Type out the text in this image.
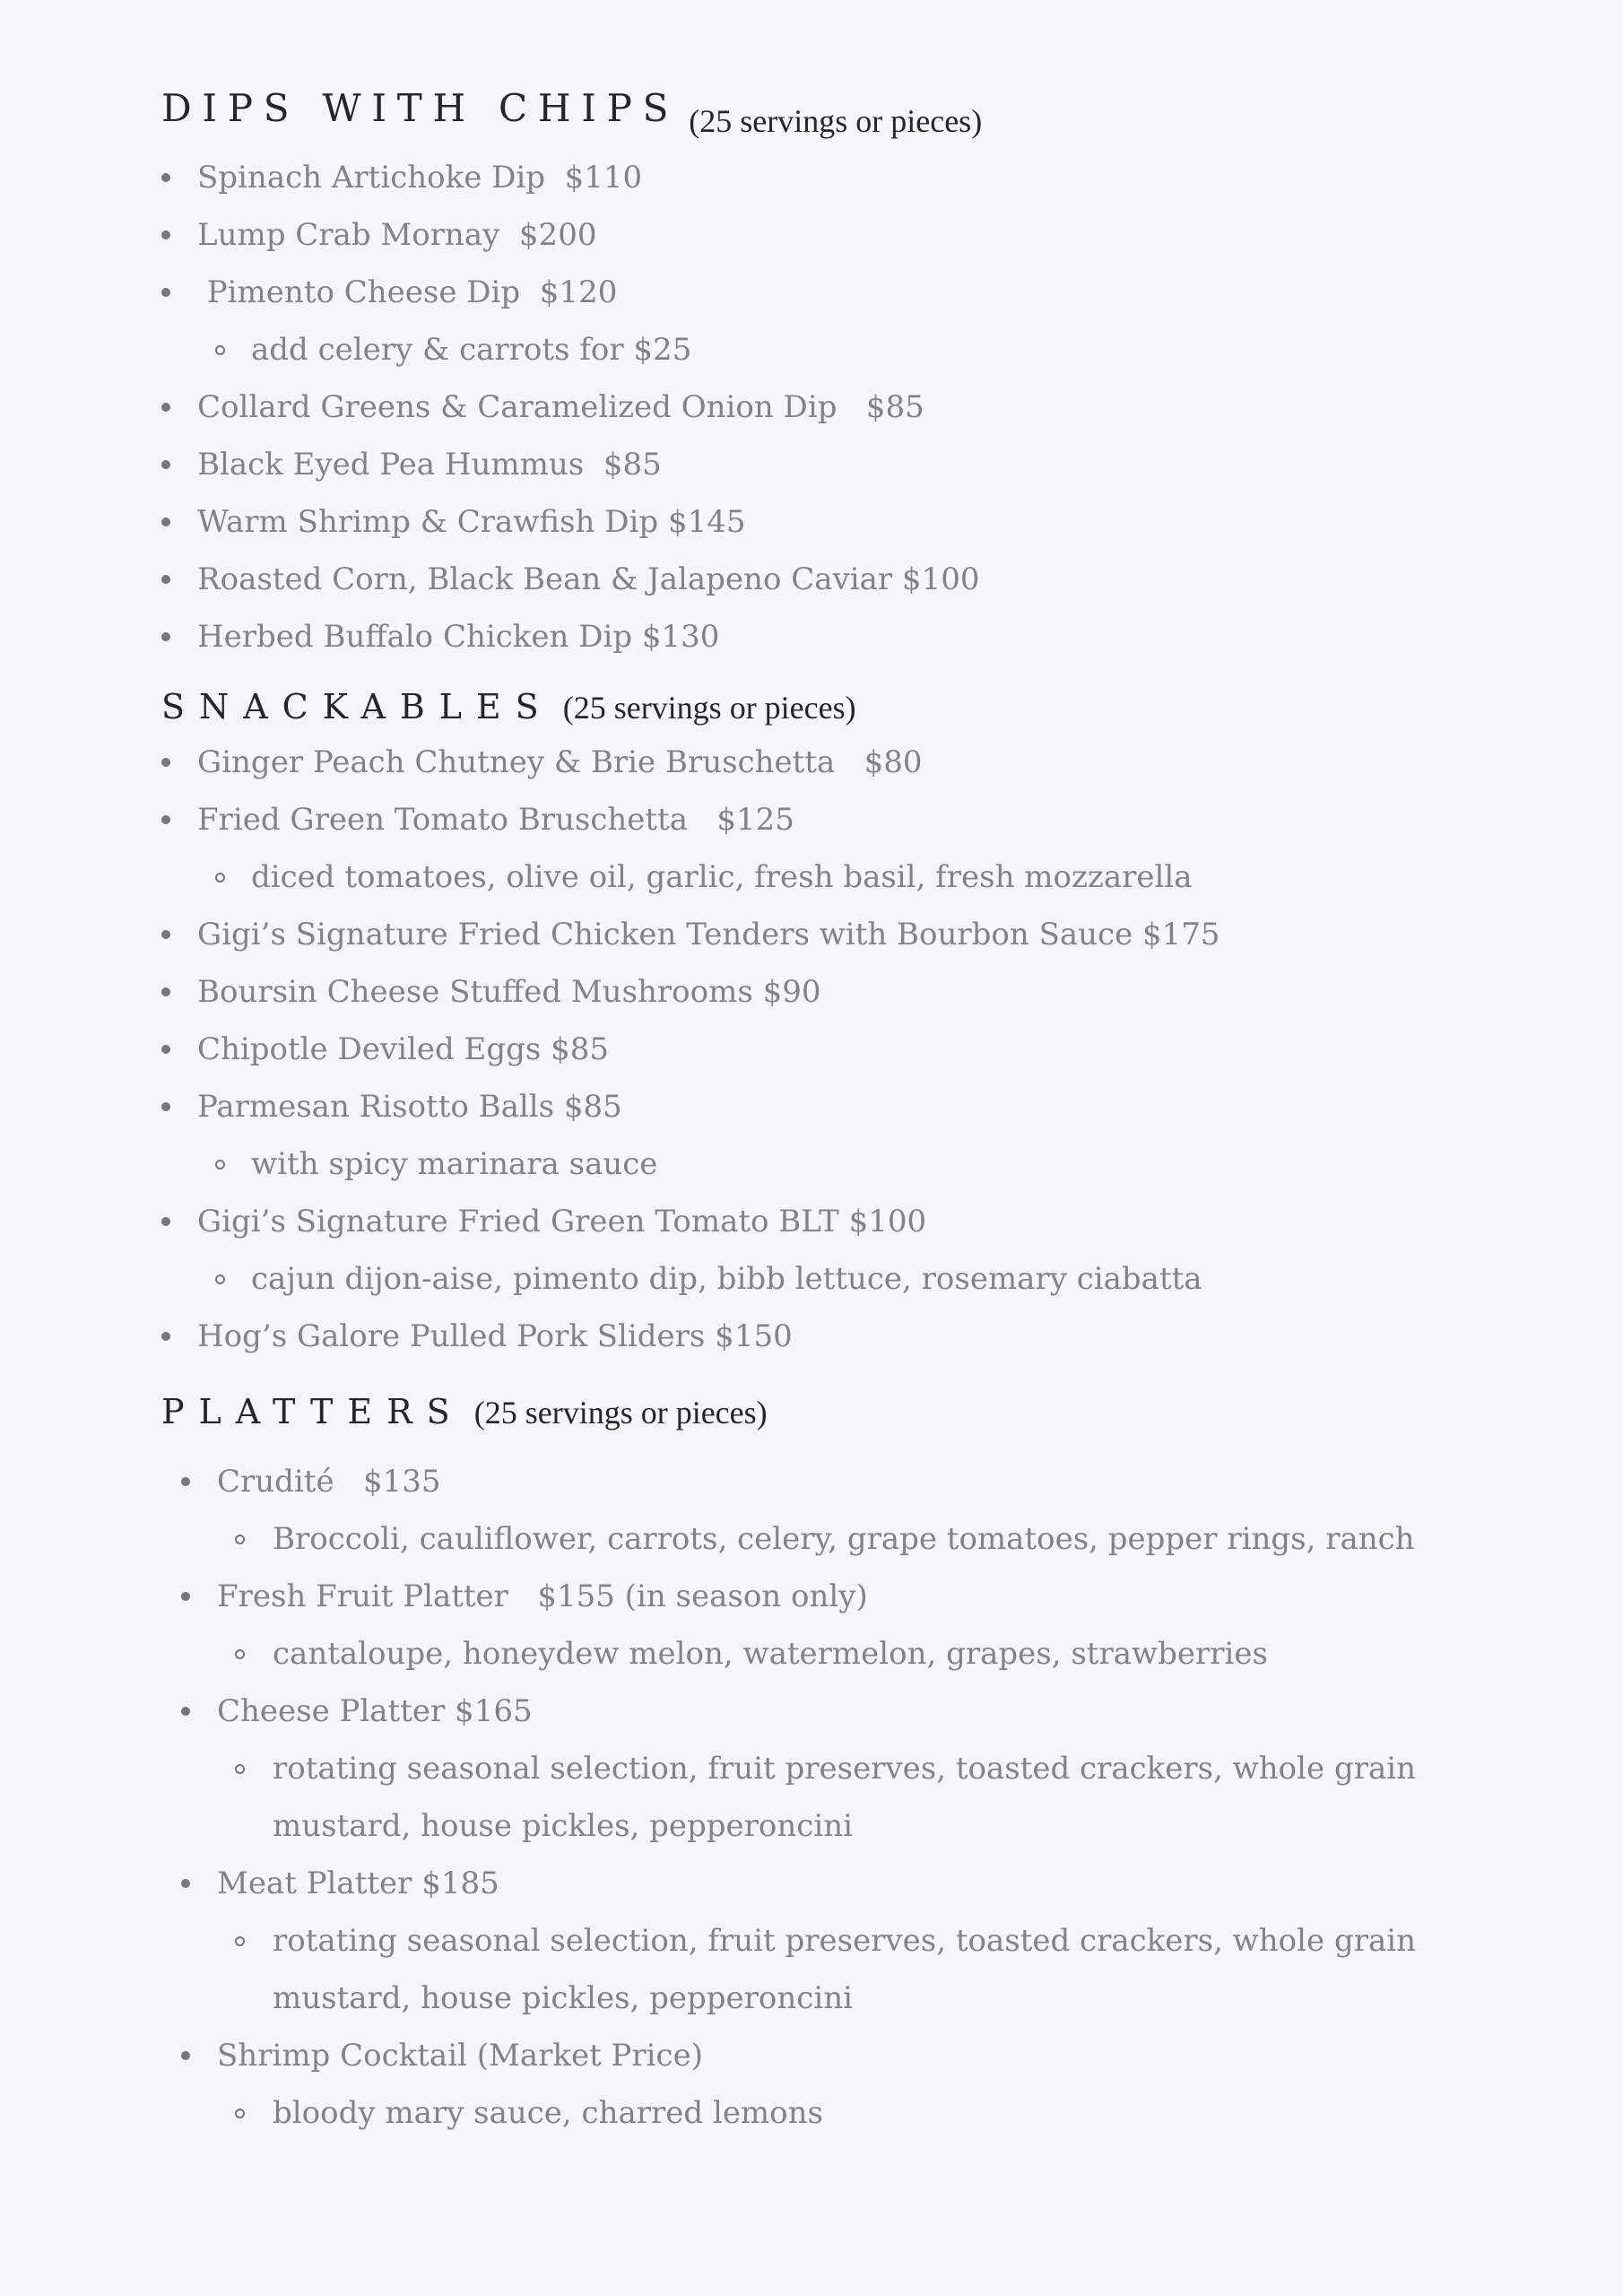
DIPS WITH CHIPS (25 servings or pieces)
Spinach Artichoke Dip  $110
Lump Crab Mornay  $200
Pimento Cheese Dip  $120
add celery & carrots for $25
Collard Greens & Caramelized Onion Dip   $85
Black Eyed Pea Hummus  $85
Warm Shrimp & Crawfish Dip $145
Roasted Corn, Black Bean & Jalapeno Caviar $100
Herbed Buffalo Chicken Dip $130
SNACKABLES (25 servings or pieces)
Ginger Peach Chutney & Brie Bruschetta   $80
Fried Green Tomato Bruschetta   $125
diced tomatoes, olive oil, garlic, fresh basil, fresh mozzarella
Gigi’s Signature Fried Chicken Tenders with Bourbon Sauce $175
Boursin Cheese Stuffed Mushrooms $90
Chipotle Deviled Eggs $85
Parmesan Risotto Balls $85
with spicy marinara sauce
Gigi’s Signature Fried Green Tomato BLT $100
cajun dijon-aise, pimento dip, bibb lettuce, rosemary ciabatta
Hog’s Galore Pulled Pork Sliders $150
PLATTERS (25 servings or pieces)
Crudité   $135
Broccoli, cauliflower, carrots, celery, grape tomatoes, pepper rings, ranch
Fresh Fruit Platter   $155 (in season only)
cantaloupe, honeydew melon, watermelon, grapes, strawberries
Cheese Platter $165
rotating seasonal selection, fruit preserves, toasted crackers, whole grain mustard, house pickles, pepperoncini
Meat Platter $185
rotating seasonal selection, fruit preserves, toasted crackers, whole grain mustard, house pickles, pepperoncini
Shrimp Cocktail (Market Price)
bloody mary sauce, charred lemons
